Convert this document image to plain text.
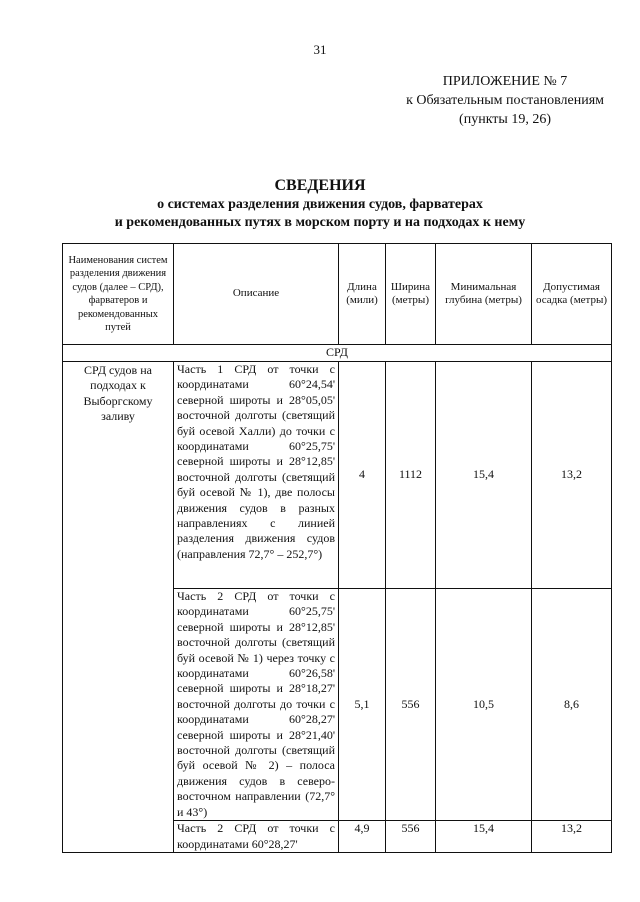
31
ПРИЛОЖЕНИЕ № 7
к Обязательным постановлениям
(пункты 19, 26)
СВЕДЕНИЯ
о системах разделения движения судов, фарватерах
и рекомендованных путях в морском порту и на подходах к нему
Наименования систем разделения движения судов (далее – СРД), фарватеров и рекомендованных путей	Описание	Длина (мили)	Ширина (метры)	Минимальная глубина (метры)	Допустимая осадка (метры)
СРД					
СРД судов на подходах к Выборгскому заливу	Часть 1 СРД от точки с координатами 60°24,54' северной широты и 28°05,05' восточной долготы (светящий буй осевой Халли) до точки с координатами 60°25,75' северной широты и 28°12,85' восточной долготы (светящий буй осевой № 1), две полосы движения судов в разных направлениях с линией разделения движения судов (направления 72,7° – 252,7°)	4	1112	15,4	13,2
	Часть 2 СРД от точки с координатами 60°25,75' северной широты и 28°12,85' восточной долготы (светящий буй осевой № 1) через точку с координатами 60°26,58' северной широты и 28°18,27' восточной долготы до точки с координатами 60°28,27' северной широты и 28°21,40' восточной долготы (светящий буй осевой № 2) – полоса движения судов в северо-восточном направлении (72,7° и 43°)	5,1	556	10,5	8,6
	Часть 2 СРД от точки с координатами 60°28,27'	4,9	556	15,4	13,2
